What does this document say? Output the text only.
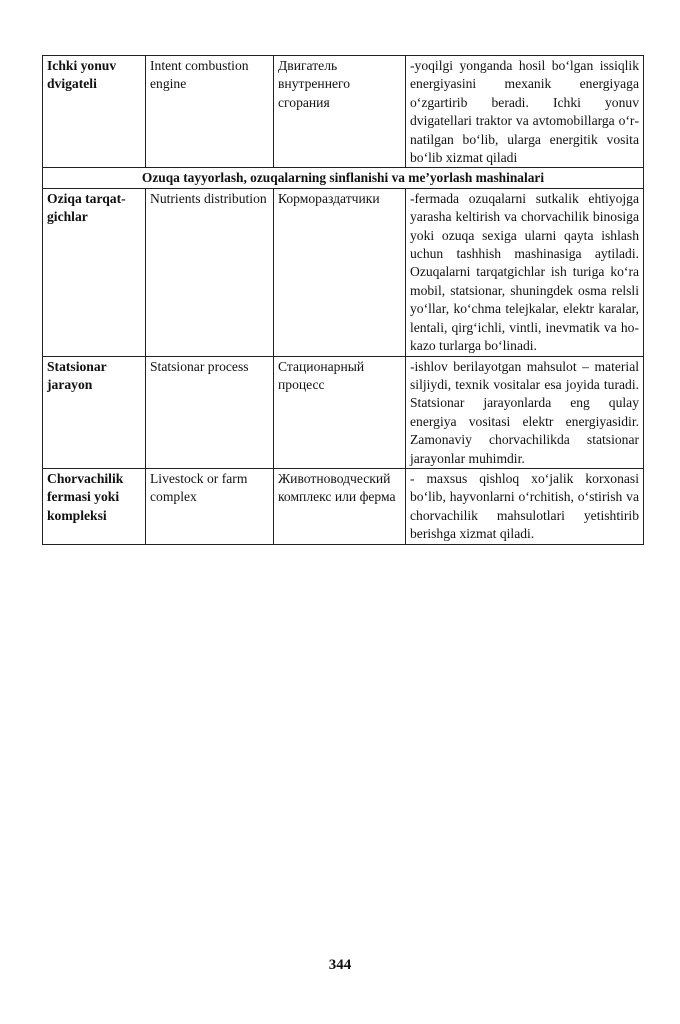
Ichki yonuv dvigateli	Intent combustion engine	Двигатель внутреннего сгорания	-yoqilgi yonganda hosil bo‘lgan issiqlik energiyasini mexanik energiyaga o‘zgartirib beradi. Ichki yonuv dvigatellari traktor va avtomobillarga o‘rnatilgan bo‘lib, ularga energitik vosita bo‘lib xizmat qiladi
Ozuqa tayyorlash, ozuqalarning sinflanishi va me’yorlash mashinalari			
Oziqa tarqatgichlar	Nutrients distribution	Кормораздатчики	-fermada ozuqalarni sutkalik ehtiyojga yarasha keltirish va chorvachilik binosiga yoki ozuqa sexiga ularni qayta ishlash uchun tashhish mashinasiga aytiladi. Ozuqalarni tarqatgichlar ish turiga ko‘ra mobil, statsionar, shuningdek osma relsli yo‘llar, ko‘chma telejkalar, elektr karalar, lentali, qirg‘ichli, vintli, inevmatik va hokazo turlarga bo‘linadi.
Statsionar jarayon	Statsionar process	Стационарный процесс	-ishlov berilayotgan mahsulot – material siljiydi, texnik vositalar esa joyida turadi. Statsionar jarayonlarda eng qulay energiya vositasi elektr energiyasidir. Zamonaviy chorvachilikda statsionar jarayonlar muhimdir.
Chorvachilik fermasi yoki kompleksi	Livestock or farm complex	Животноводческий комплекс или ферма	- maxsus qishloq xo‘jalik korxonasi bo‘lib, hayvonlarni o‘rchitish, o‘stirish va chorvachilik mahsulotlari yetishtirib berishga xizmat qiladi.
344
